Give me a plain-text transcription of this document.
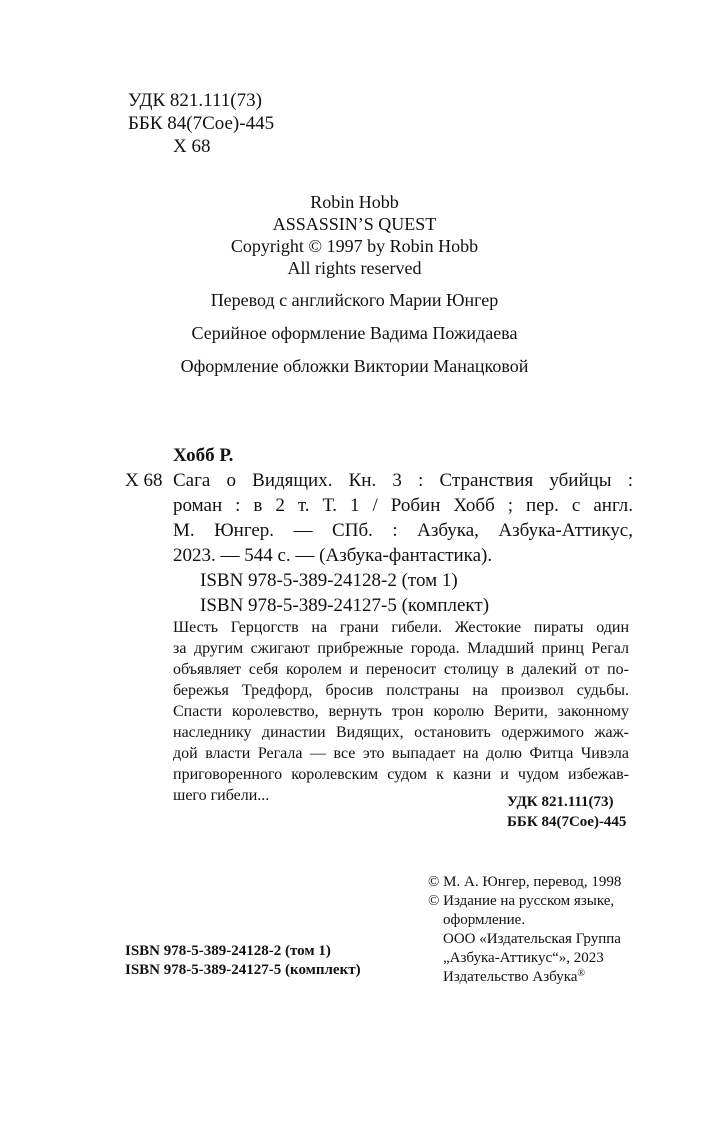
УДК 821.111(73)
ББК 84(7Сое)-445
Х 68
Robin Hobb
ASSASSIN’S QUEST
Copyright © 1997 by Robin Hobb
All rights reserved
Перевод с английского Марии Юнгер
Серийное оформление Вадима Пожидаева
Оформление обложки Виктории Манацковой
Хобб Р.
Х 68 Сага о Видящих. Кн. 3 : Странствия убийцы :
роман : в 2 т. Т. 1 / Робин Хобб ; пер. с англ.
М. Юнгер. — СПб. : Азбука, Азбука-Аттикус,
2023. — 544 с. — (Азбука-фантастика).
ISBN 978-5-389-24128-2 (том 1)
ISBN 978-5-389-24127-5 (комплект)
Шесть Герцогств на грани гибели. Жестокие пираты один
за другим сжигают прибрежные города. Младший принц Регал
объявляет себя королем и переносит столицу в далекий от по-
бережья Тредфорд, бросив полстраны на произвол судьбы.
Спасти королевство, вернуть трон королю Верити, законному
наследнику династии Видящих, остановить одержимого жаж-
дой власти Регала — все это выпадает на долю Фитца Чивэла
приговоренного королевским судом к казни и чудом избежав-
шего гибели...	УДК 821.111(73)
ББК 84(7Сое)-445
© М. А. Юнгер, перевод, 1998
© Издание на русском языке,
оформление.
ООО «Издательская Группа
„Азбука-Аттикус“», 2023
Издательство Азбука®
ISBN 978-5-389-24128-2 (том 1)
ISBN 978-5-389-24127-5 (комплект)
